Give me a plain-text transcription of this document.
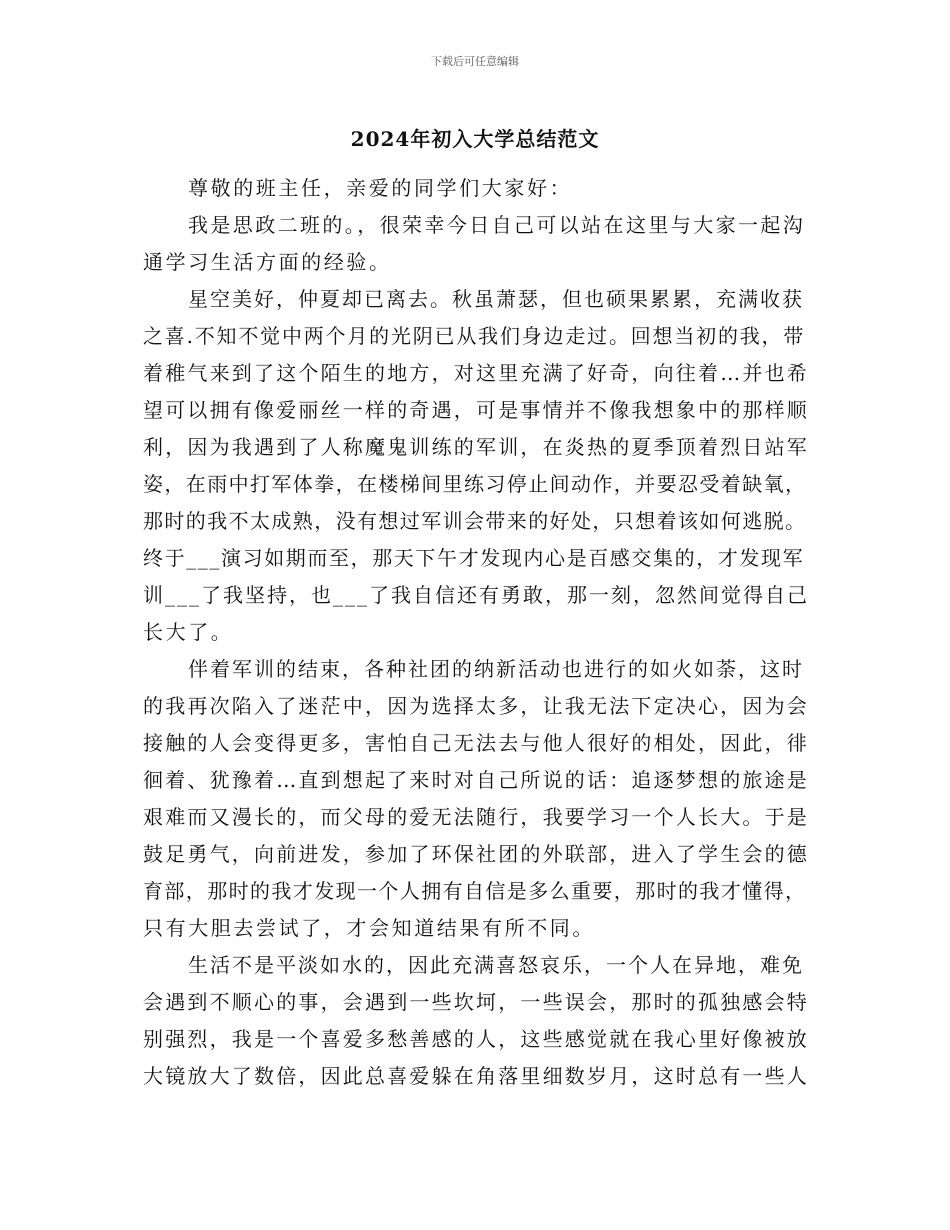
下载后可任意编辑
2024年初入大学总结范文
尊敬的班主任，亲爱的同学们大家好：
我是思政二班的。，很荣幸今日自己可以站在这里与大家一起沟
通学习生活方面的经验。
星空美好，仲夏却已离去。秋虽萧瑟，但也硕果累累，充满收获
之喜.不知不觉中两个月的光阴已从我们身边走过。回想当初的我，带
着稚气来到了这个陌生的地方，对这里充满了好奇，向往着…并也希
望可以拥有像爱丽丝一样的奇遇，可是事情并不像我想象中的那样顺
利，因为我遇到了人称魔鬼训练的军训，在炎热的夏季顶着烈日站军
姿，在雨中打军体拳，在楼梯间里练习停止间动作，并要忍受着缺氧，
那时的我不太成熟，没有想过军训会带来的好处，只想着该如何逃脱。
终于___演习如期而至，那天下午才发现内心是百感交集的，才发现军
训___了我坚持，也___了我自信还有勇敢，那一刻，忽然间觉得自己
长大了。
伴着军训的结束，各种社团的纳新活动也进行的如火如荼，这时
的我再次陷入了迷茫中，因为选择太多，让我无法下定决心，因为会
接触的人会变得更多，害怕自己无法去与他人很好的相处，因此，徘
徊着、犹豫着…直到想起了来时对自己所说的话：追逐梦想的旅途是
艰难而又漫长的，而父母的爱无法随行，我要学习一个人长大。于是
鼓足勇气，向前进发，参加了环保社团的外联部，进入了学生会的德
育部，那时的我才发现一个人拥有自信是多么重要，那时的我才懂得，
只有大胆去尝试了，才会知道结果有所不同。
生活不是平淡如水的，因此充满喜怒哀乐，一个人在异地，难免
会遇到不顺心的事，会遇到一些坎坷，一些误会，那时的孤独感会特
别强烈，我是一个喜爱多愁善感的人，这些感觉就在我心里好像被放
大镜放大了数倍，因此总喜爱躲在角落里细数岁月，这时总有一些人
